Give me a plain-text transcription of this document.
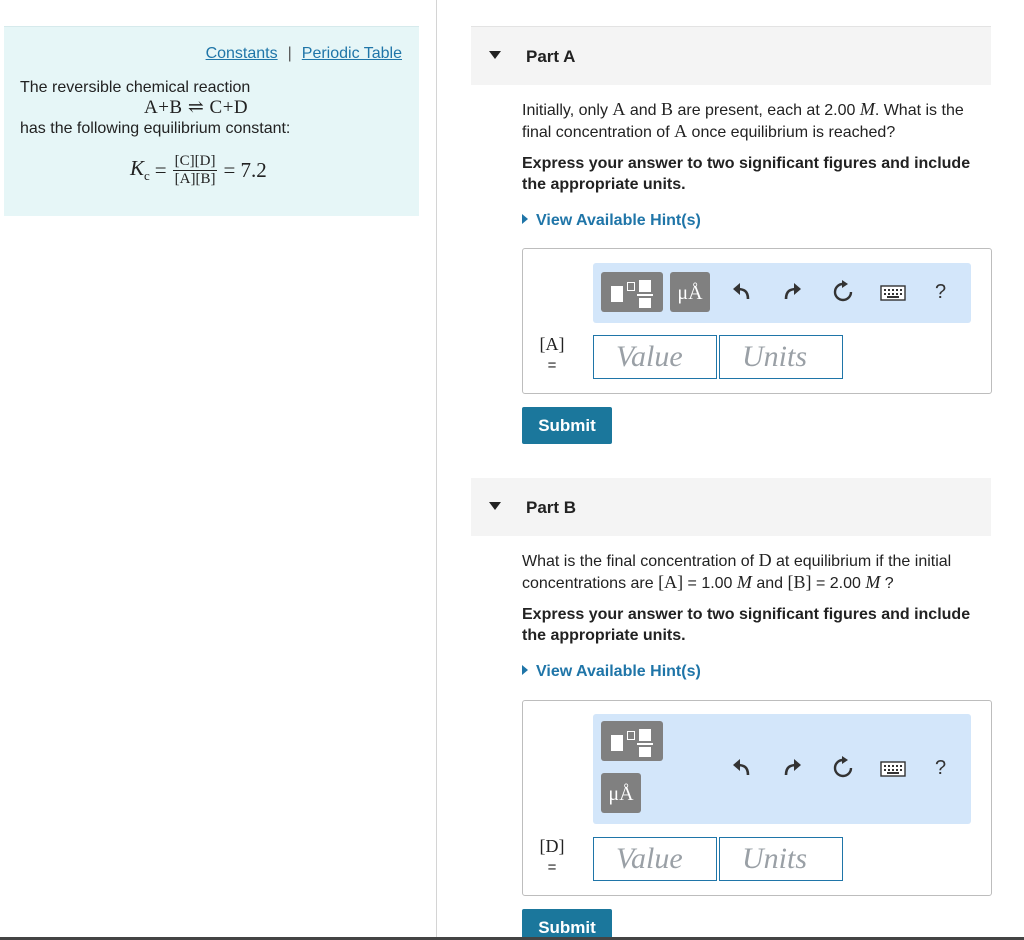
Constants | Periodic Table
The reversible chemical reaction
A+B ⇌ C+D
has the following equilibrium constant:
$K_c = \frac{[C][D]}{[A][B]} = 7.2$
Part A
Initially, only A and B are present, each at 2.00 M. What is the final concentration of A once equilibrium is reached?
Express your answer to two significant figures and include the appropriate units.
View Available Hint(s)
μÅ	?
[A]
=	Value	Units
Submit
Part B
What is the final concentration of D at equilibrium if the initial concentrations are [A] = 1.00 M and [B] = 2.00 M ?
Express your answer to two significant figures and include the appropriate units.
View Available Hint(s)
μÅ
?
[D]
=	Value	Units
Submit
